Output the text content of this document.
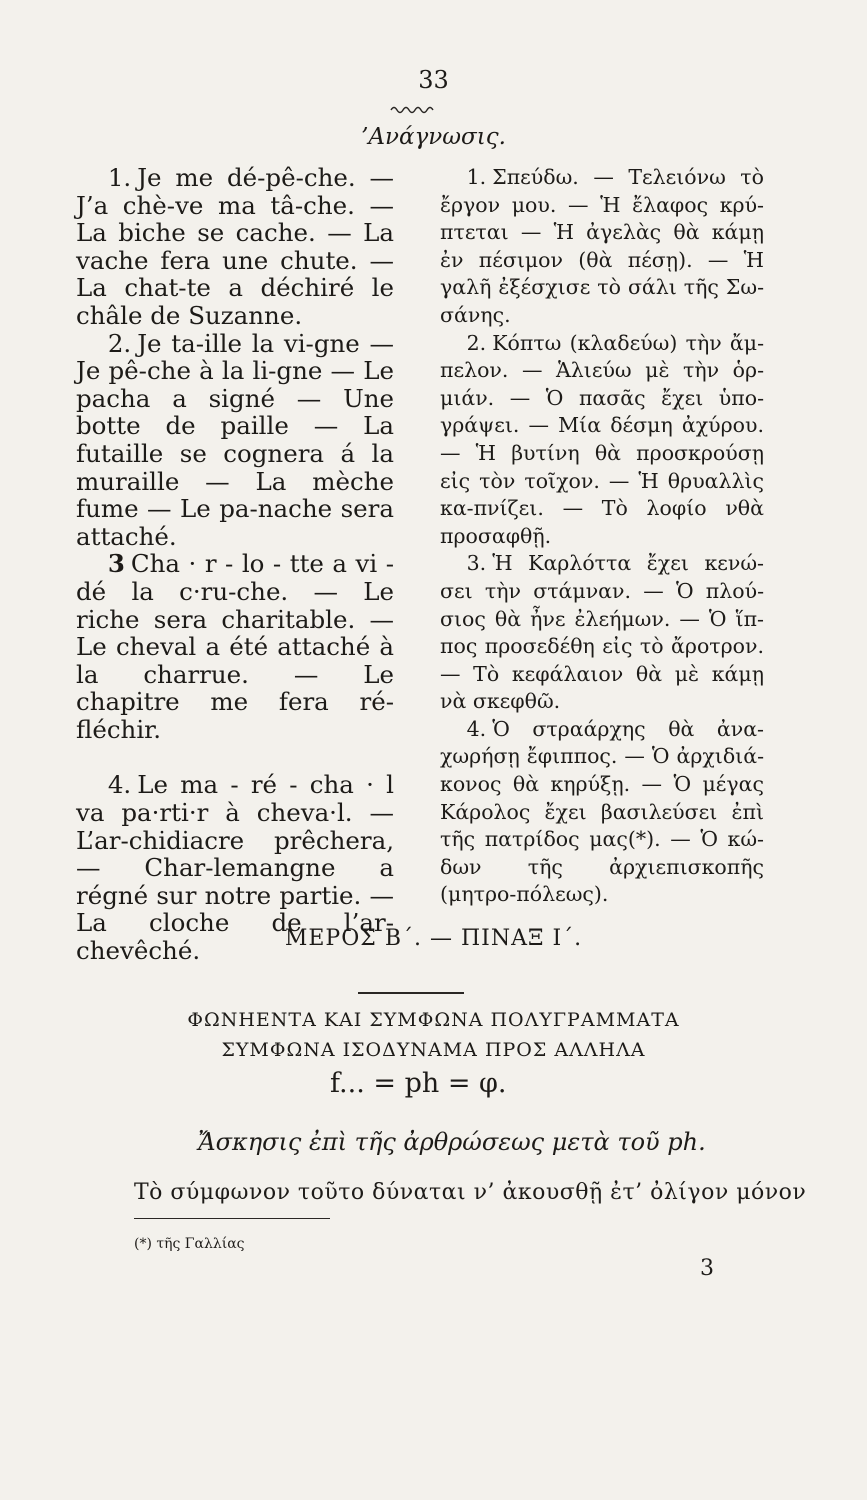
33
’Ανάγνωσις.

1. Je me dé-pê-che. — J’a chè-ve ma tâ-che. — La biche se cache. — La vache fera une chute. — La chat-te a déchiré le châle de Suzanne.

2. Je ta-ille la vi-gne — Je pê-che à la li-gne — Le pacha a signé — Une botte de paille — La futaille se cognera á la muraille — La mèche fume — Le pa-nache sera attaché.

3 Cha · r - lo - tte a vi - dé la c·ru-che. — Le riche sera charitable. — Le cheval a été attaché à la charrue. — Le chapitre me fera ré-fléchir.

4. Le ma - ré - cha · l va pa·rti·r à cheva·l. — L’ar-chidiacre prêchera, — Char-lemangne a régné sur notre partie. — La cloche de l’ar-chevêché.

1. Σπεύδω. — Τελειόνω τὸ ἔργον μου. — Ἡ ἔλαφος κρύ-πτεται — Ἡ ἀγελὰς θὰ κάμῃ ἐν πέσιμον (θὰ πέσῃ). — Ἡ γαλῆ ἐξέσχισε τὸ σάλι τῆς Σω-σάνης.

2. Κόπτω (κλαδεύω) τὴν ἄμ-πελον. — Ἁλιεύω μὲ τὴν ὁρ-μιάν. — Ὁ πασᾶς ἔχει ὑπο-γράψει. — Μία δέσμη ἀχύρου. — Ἡ βυτίνη θὰ προσκρούσῃ εἰς τὸν τοῖχον. — Ἡ θρυαλλὶς κα-πνίζει. — Τὸ λοφίο νθὰ προσαφθῇ.

3. Ἡ Καρλόττα ἔχει κενώ-σει τὴν στάμναν. — Ὁ πλού-σιος θὰ ἦνε ἐλεήμων. — Ὁ ἵπ-πος προσεδέθη εἰς τὸ ἄροτρον. — Τὸ κεφάλαιον θὰ μὲ κάμῃ νὰ σκεφθῶ.

4. Ὁ στραάρχης θὰ ἀνα-χωρήσῃ ἔφιππος. — Ὁ ἀρχιδιά-κονος θὰ κηρύξῃ. — Ὁ μέγας Κάρολος ἔχει βασιλεύσει ἐπὶ τῆς πατρίδος μας(*). — Ὁ κώ-δων τῆς ἀρχιεπισκοπῆς (μητρο-πόλεως).

ΜΕΡΟΣ Β΄. — ΠΙΝΑΞ Ι΄.
ΦΩΝΗΕΝΤΑ ΚΑΙ ΣΥΜΦΩΝΑ ΠΟΛΥΓΡΑΜΜΑΤΑ
ΣΥΜΦΩΝΑ ΙΣΟΔΥΝΑΜΑ ΠΡΟΣ ΑΛΛΗΛΑ
f... = ph = φ.
Ἄσκησις ἐπὶ τῆς ἀρθρώσεως μετὰ τοῦ ph.
Τὸ σύμφωνον τοῦτο δύναται ν’ ἀκουσθῇ ἐτ’ ὀλίγον μόνον
(*) τῆς Γαλλίας
3
